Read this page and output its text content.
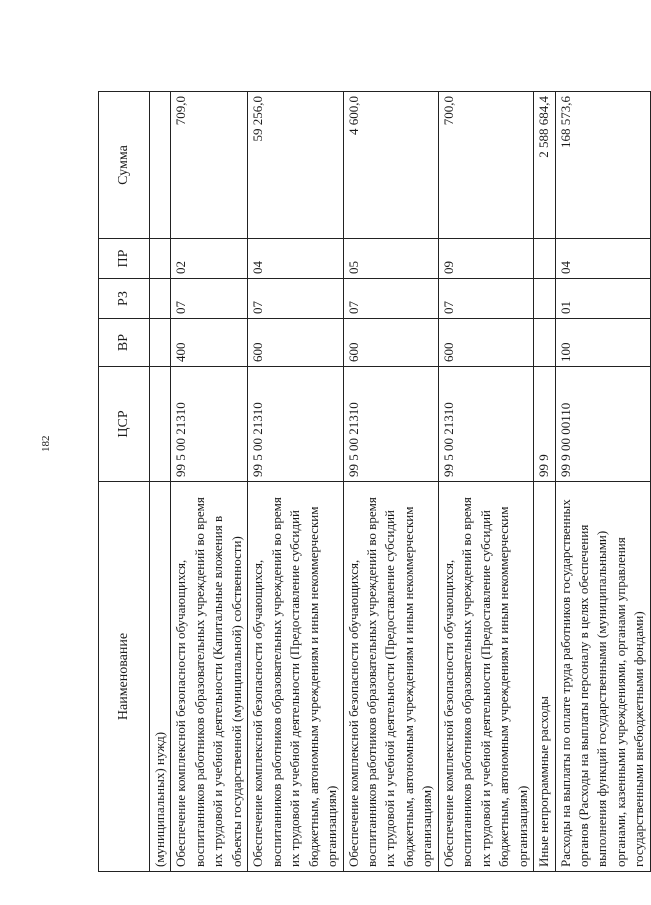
182
Наименование	ЦСР	ВР	РЗ	ПР	Сумма
(муниципальных) нужд)					
Обеспечение комплексной безопасности обучающихся, воспитанников работников образовательных учреждений во время их трудовой и учебной деятельности (Капитальные вложения в объекты государственной (муниципальной) собственности)	99 5 00 21310	400	07	02	709,0
Обеспечение комплексной безопасности обучающихся, воспитанников работников образовательных учреждений во время их трудовой и учебной деятельности (Предоставление субсидий бюджетным, автономным учреждениям и иным некоммерческим организациям)	99 5 00 21310	600	07	04	59 256,0
Обеспечение комплексной безопасности обучающихся, воспитанников работников образовательных учреждений во время их трудовой и учебной деятельности (Предоставление субсидий бюджетным, автономным учреждениям и иным некоммерческим организациям)	99 5 00 21310	600	07	05	4 600,0
Обеспечение комплексной безопасности обучающихся, воспитанников работников образовательных учреждений во время их трудовой и учебной деятельности (Предоставление субсидий бюджетным, автономным учреждениям и иным некоммерческим организациям)	99 5 00 21310	600	07	09	700,0
Иные непрограммные расходы	99 9				2 588 684,4
Расходы на выплаты по оплате труда работников государственных органов (Расходы на выплаты персоналу в целях обеспечения выполнения функций государственными (муниципальными) органами, казенными учреждениями, органами управления государственными внебюджетными фондами)	99 9 00 00110	100	01	04	168 573,6
